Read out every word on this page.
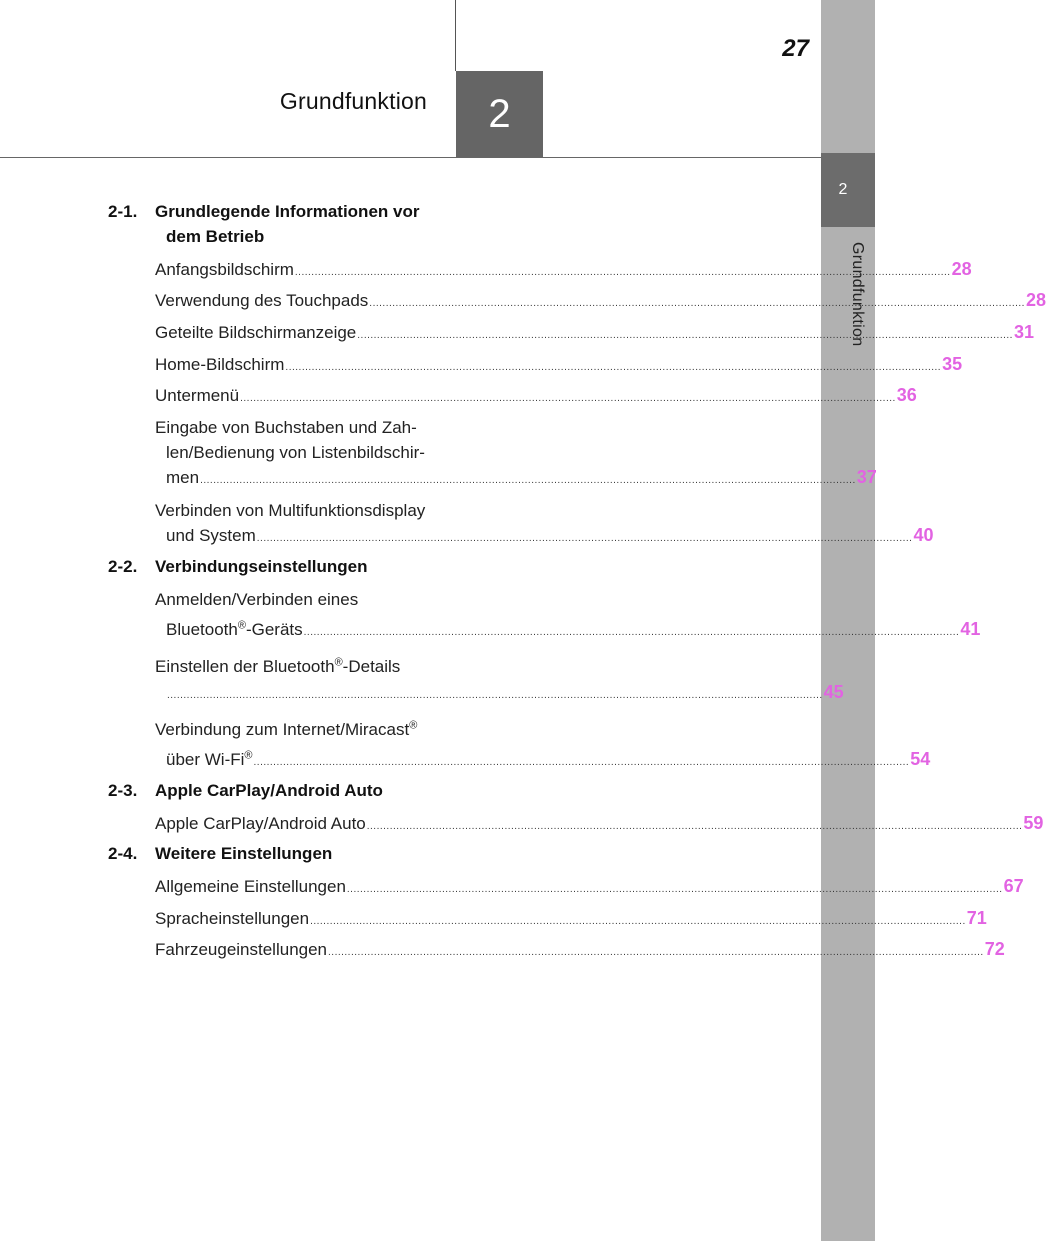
Grundfunktion	2
27
2
Grundfunktion
2-1. Grundlegende Informationen vor
dem Betrieb
Anfangsbildschirm ........................................................................................................................................................................................................ 28
Verwendung des Touchpads ........................................................................................................................................................................................................ 28
Geteilte Bildschirmanzeige ........................................................................................................................................................................................................ 31
Home-Bildschirm ........................................................................................................................................................................................................ 35
Untermenü ........................................................................................................................................................................................................ 36
Eingabe von Buchstaben und Zah-
len/Bedienung von Listenbildschir-
men ........................................................................................................................................................................................................ 37
Verbinden von Multifunktionsdisplay
und System ........................................................................................................................................................................................................ 40
2-2. Verbindungseinstellungen
Anmelden/Verbinden eines
Bluetooth®-Geräts ........................................................................................................................................................................................................ 41
Einstellen der Bluetooth®-Details
........................................................................................................................................................................................................ 45
Verbindung zum Internet/Miracast®
über Wi-Fi®
........................................................................................................................................................................................................ 54
2-3. Apple CarPlay/Android Auto
Apple CarPlay/Android Auto ........................................................................................................................................................................................................ 59
2-4. Weitere Einstellungen
Allgemeine Einstellungen ........................................................................................................................................................................................................ 67
Spracheinstellungen ........................................................................................................................................................................................................ 71
Fahrzeugeinstellungen ........................................................................................................................................................................................................ 72
